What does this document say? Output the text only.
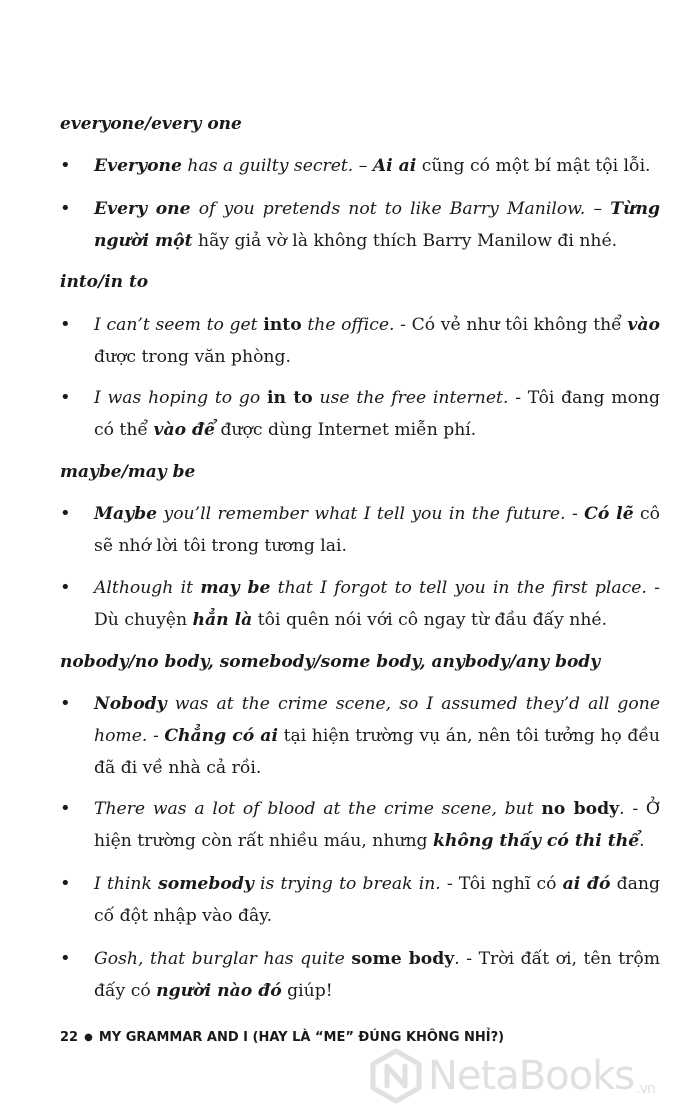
everyone/every one
• Everyone has a guilty secret. – Ai ai cũng có một bí mật tội lỗi.

• Every one of you pretends not to like Barry Manilow. – Từng người một hãy giả vờ là không thích Barry Manilow đi nhé.

into/in to
• I can’t seem to get into the office. - Có vẻ như tôi không thể vào được trong văn phòng.

• I was hoping to go in to use the free internet. - Tôi đang mong có thể vào để được dùng Internet miễn phí.

maybe/may be
• Maybe you’ll remember what I tell you in the future. - Có lẽ cô sẽ nhớ lời tôi trong tương lai.

• Although it may be that I forgot to tell you in the first place. - Dù chuyện hẳn là tôi quên nói với cô ngay từ đầu đấy nhé.

nobody/no body, somebody/some body, anybody/any body
• Nobody was at the crime scene, so I assumed they’d all gone home. - Chẳng có ai tại hiện trường vụ án, nên tôi tưởng họ đều đã đi về nhà cả rồi.

• There was a lot of blood at the crime scene, but no body. - Ở hiện trường còn rất nhiều máu, nhưng không thấy có thi thể.

• I think somebody is trying to break in. - Tôi nghĩ có ai đó đang cố đột nhập vào đây.

• Gosh, that burglar has quite some body. - Trời đất ơi, tên trộm đấy có người nào đó giúp!

22 ● MY GRAMMAR AND I (HAY LÀ “ME” ĐÚNG KHÔNG NHỈ?)
NetaBooks .vn
